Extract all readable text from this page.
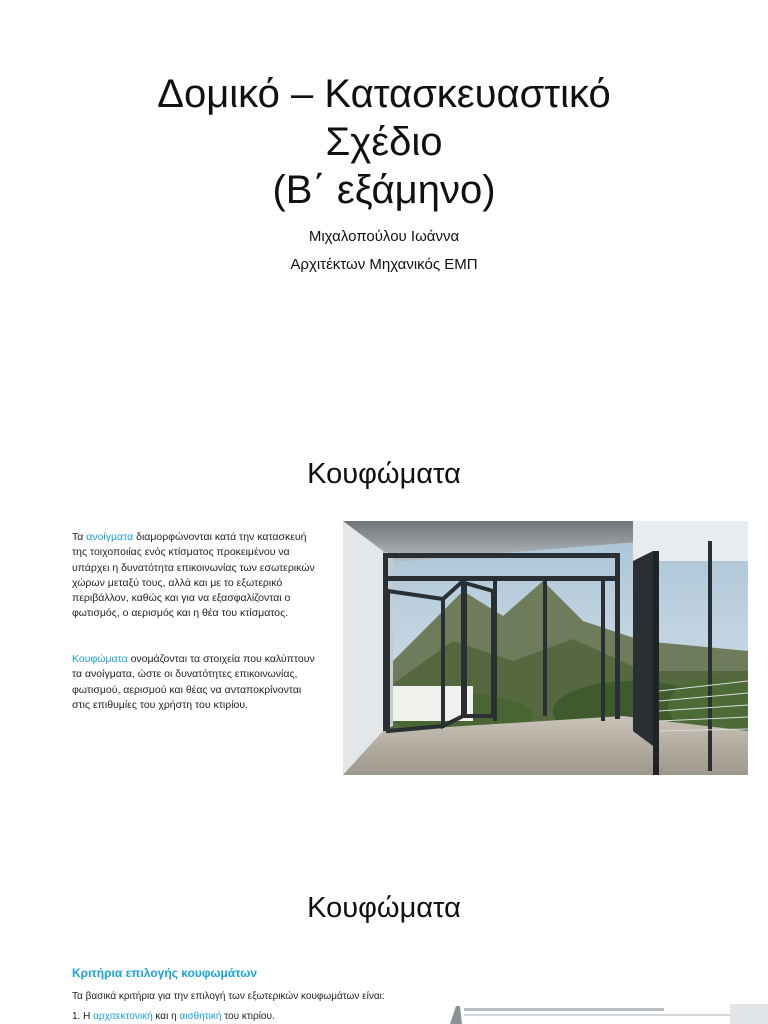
Δομικό – Κατασκευαστικό
Σχέδιο
(Β΄ εξάμηνο)
Μιχαλοπούλου Ιωάννα
Αρχιτέκτων Μηχανικός ΕΜΠ
Κουφώματα

Τα ανοίγματα διαμορφώνονται κατά την κατασκευή της τοιχοποιίας ενός κτίσματος προκειμένου να υπάρχει η δυνατότητα επικοινωνίας των εσωτερικών χώρων μεταξύ τους, αλλά και με το εξωτερικό περιβάλλον, καθώς και για να εξασφαλίζονται ο φωτισμός, ο αερισμός και η θέα του κτίσματος.

Κουφώματα ονομάζονται τα στοιχεία που καλύπτουν τα ανοίγματα, ώστε οι δυνατότητες επικοινωνίας, φωτισμού, αερισμού και θέας να ανταποκρίνονται στις επιθυμίες του χρήστη του κτιρίου.

Κουφώματα

Κριτήρια επιλογής κουφωμάτων

Τα βασικά κριτήρια για την επιλογή των εξωτερικών κουφωμάτων είναι:

1. Η αρχιτεκτονική και η αισθητική του κτιρίου.
